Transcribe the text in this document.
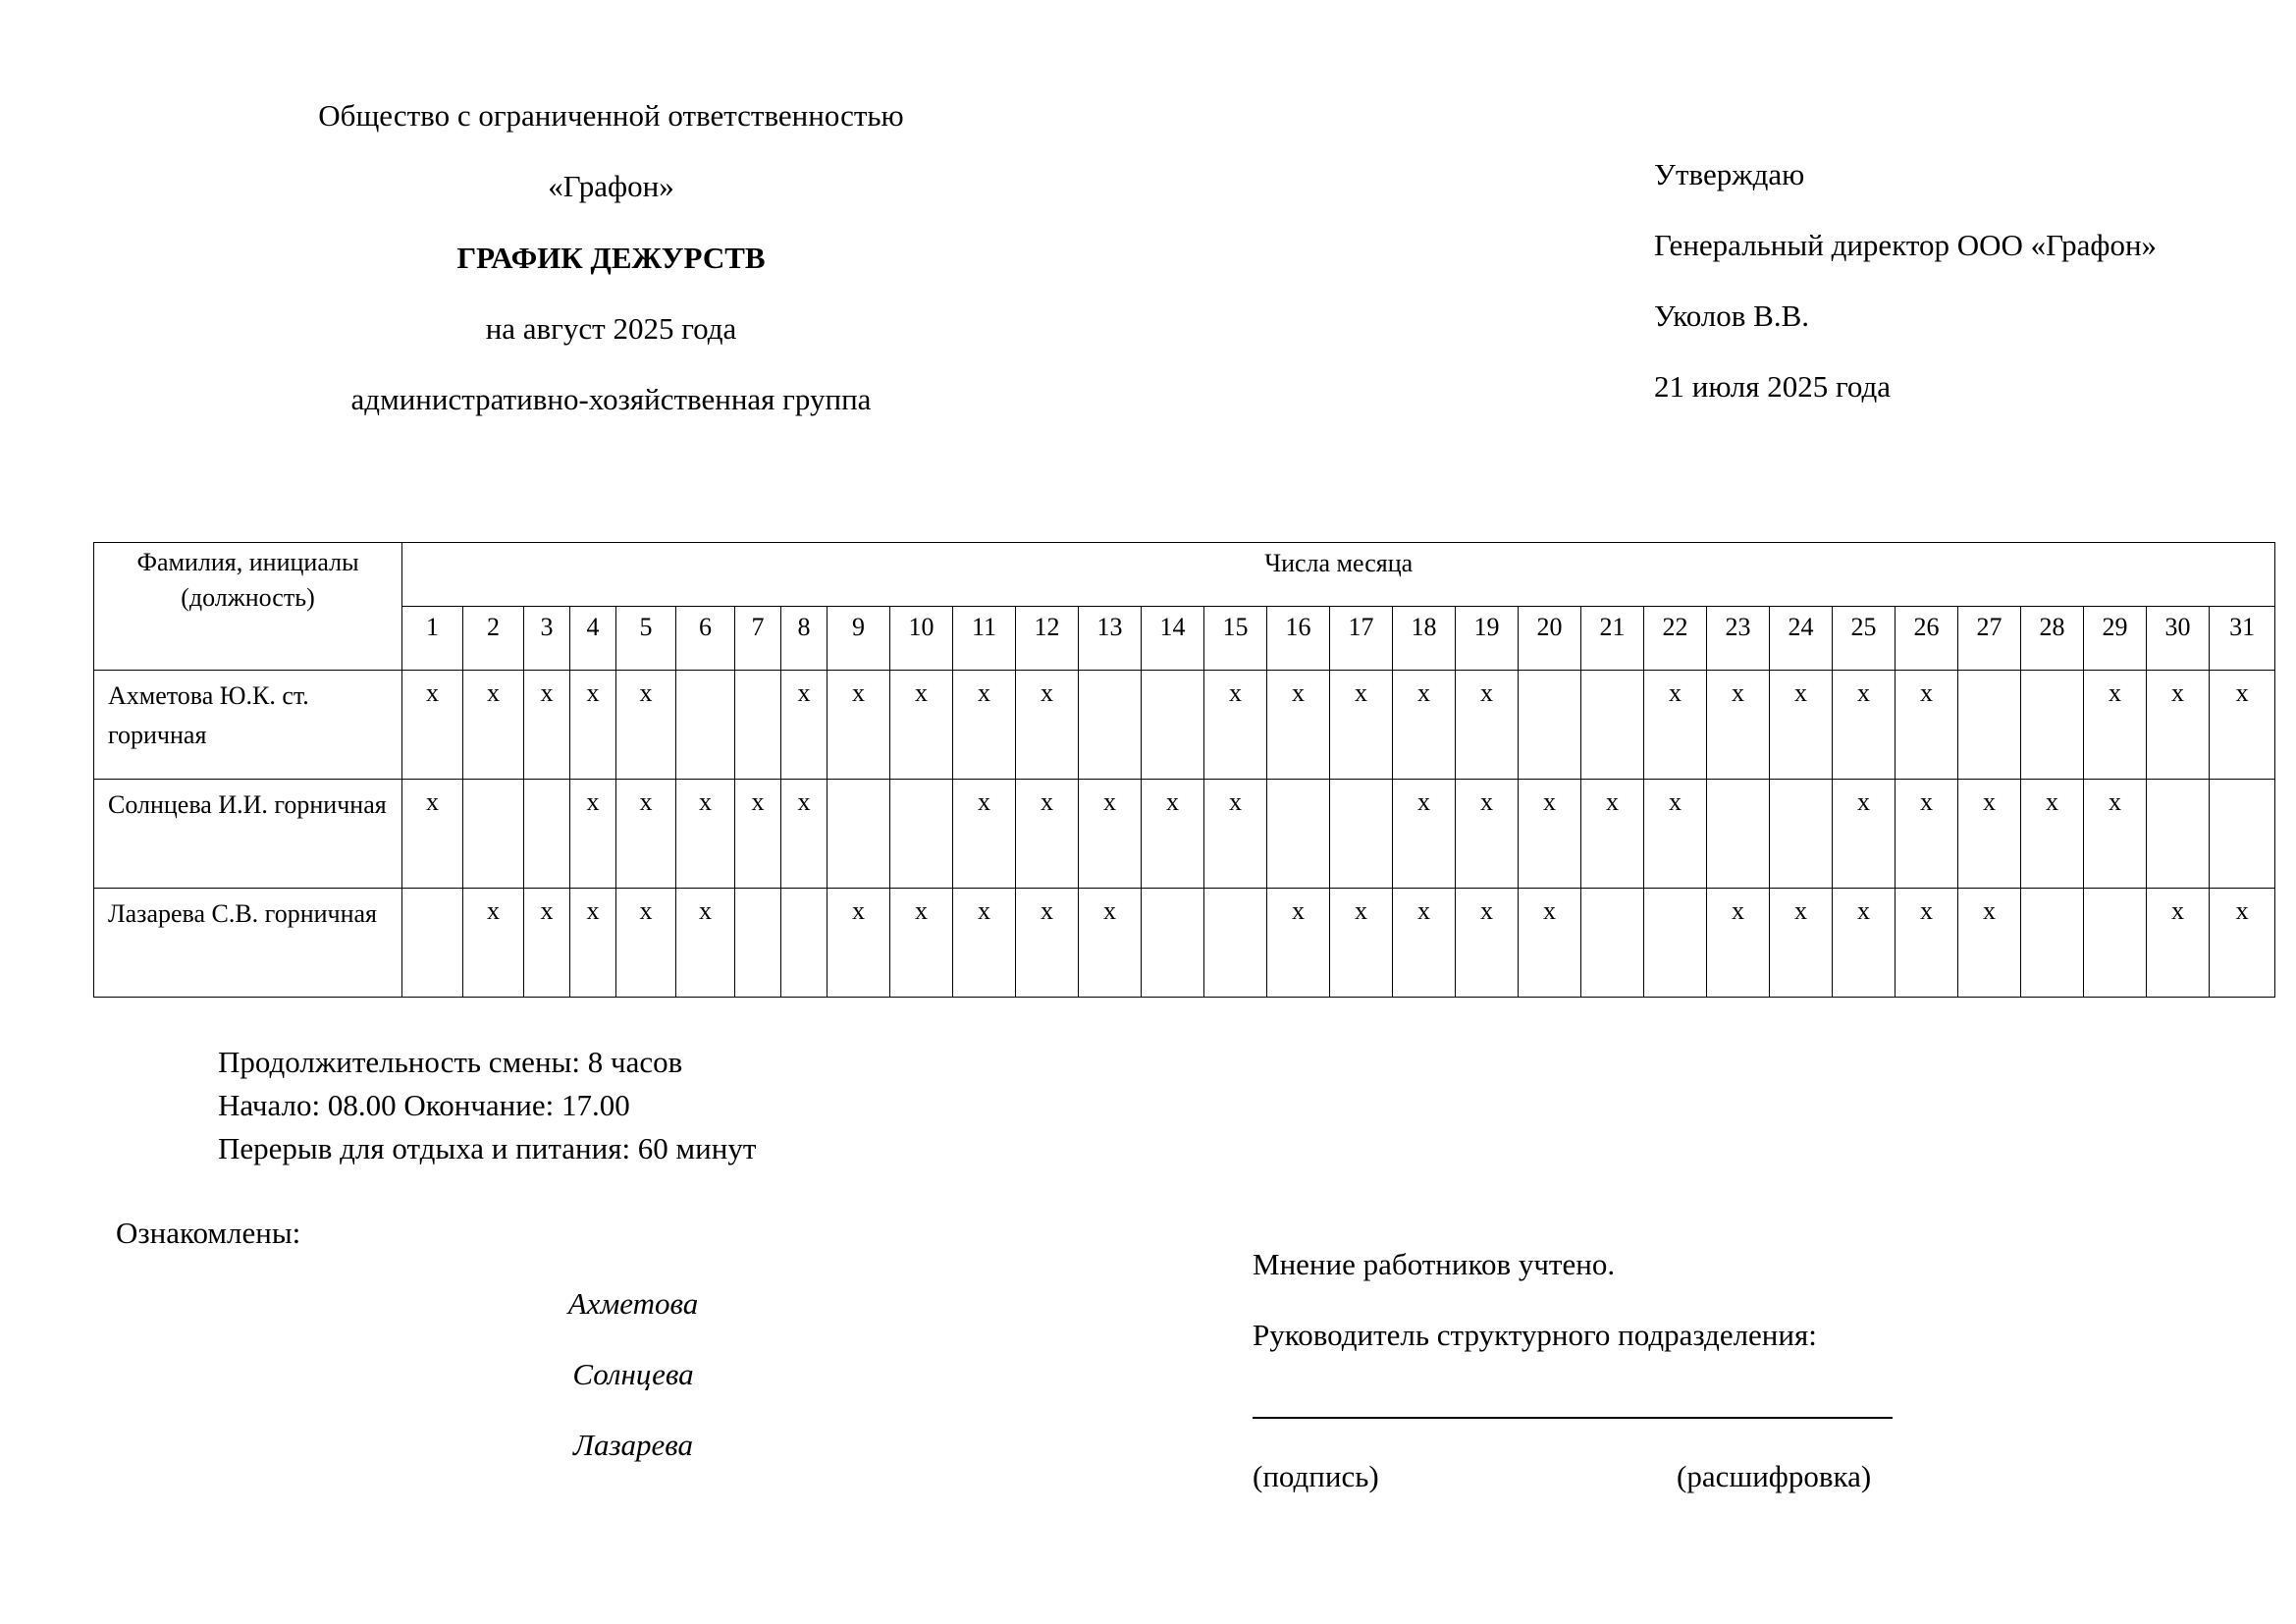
Общество с ограниченной ответственностью
«Графон»
ГРАФИК ДЕЖУРСТВ
на август 2025 года
административно-хозяйственная группа
Утверждаю
Генеральный директор ООО «Графон»
Уколов В.В.
21 июля 2025 года
Фамилия, инициалы (должность)	Числа месяца																														
	1	2	3	4	5	6	7	8	9	10	11	12	13	14	15	16	17	18	19	20	21	22	23	24	25	26	27	28	29	30	31
Ахметова Ю.К. ст. горичная	x	x	x	x	x			x	x	x	x	x			x	x	x	x	x			x	x	x	x	x			x	x	x
Солнцева И.И. горничная	x			x	x	x	x	x			x	x	x	x	x			x	x	x	x	x			x	x	x	x	x		
Лазарева С.В. горничная		x	x	x	x	x			x	x	x	x	x			x	x	x	x	x			x	x	x	x	x			x	x
Продолжительность смены: 8 часов
Начало: 08.00 Окончание: 17.00
Перерыв для отдыха и питания: 60 минут
Ознакомлены:
Ахметова
Солнцева
Лазарева
Мнение работников учтено.
Руководитель структурного подразделения:
(подпись)	(расшифровка)
